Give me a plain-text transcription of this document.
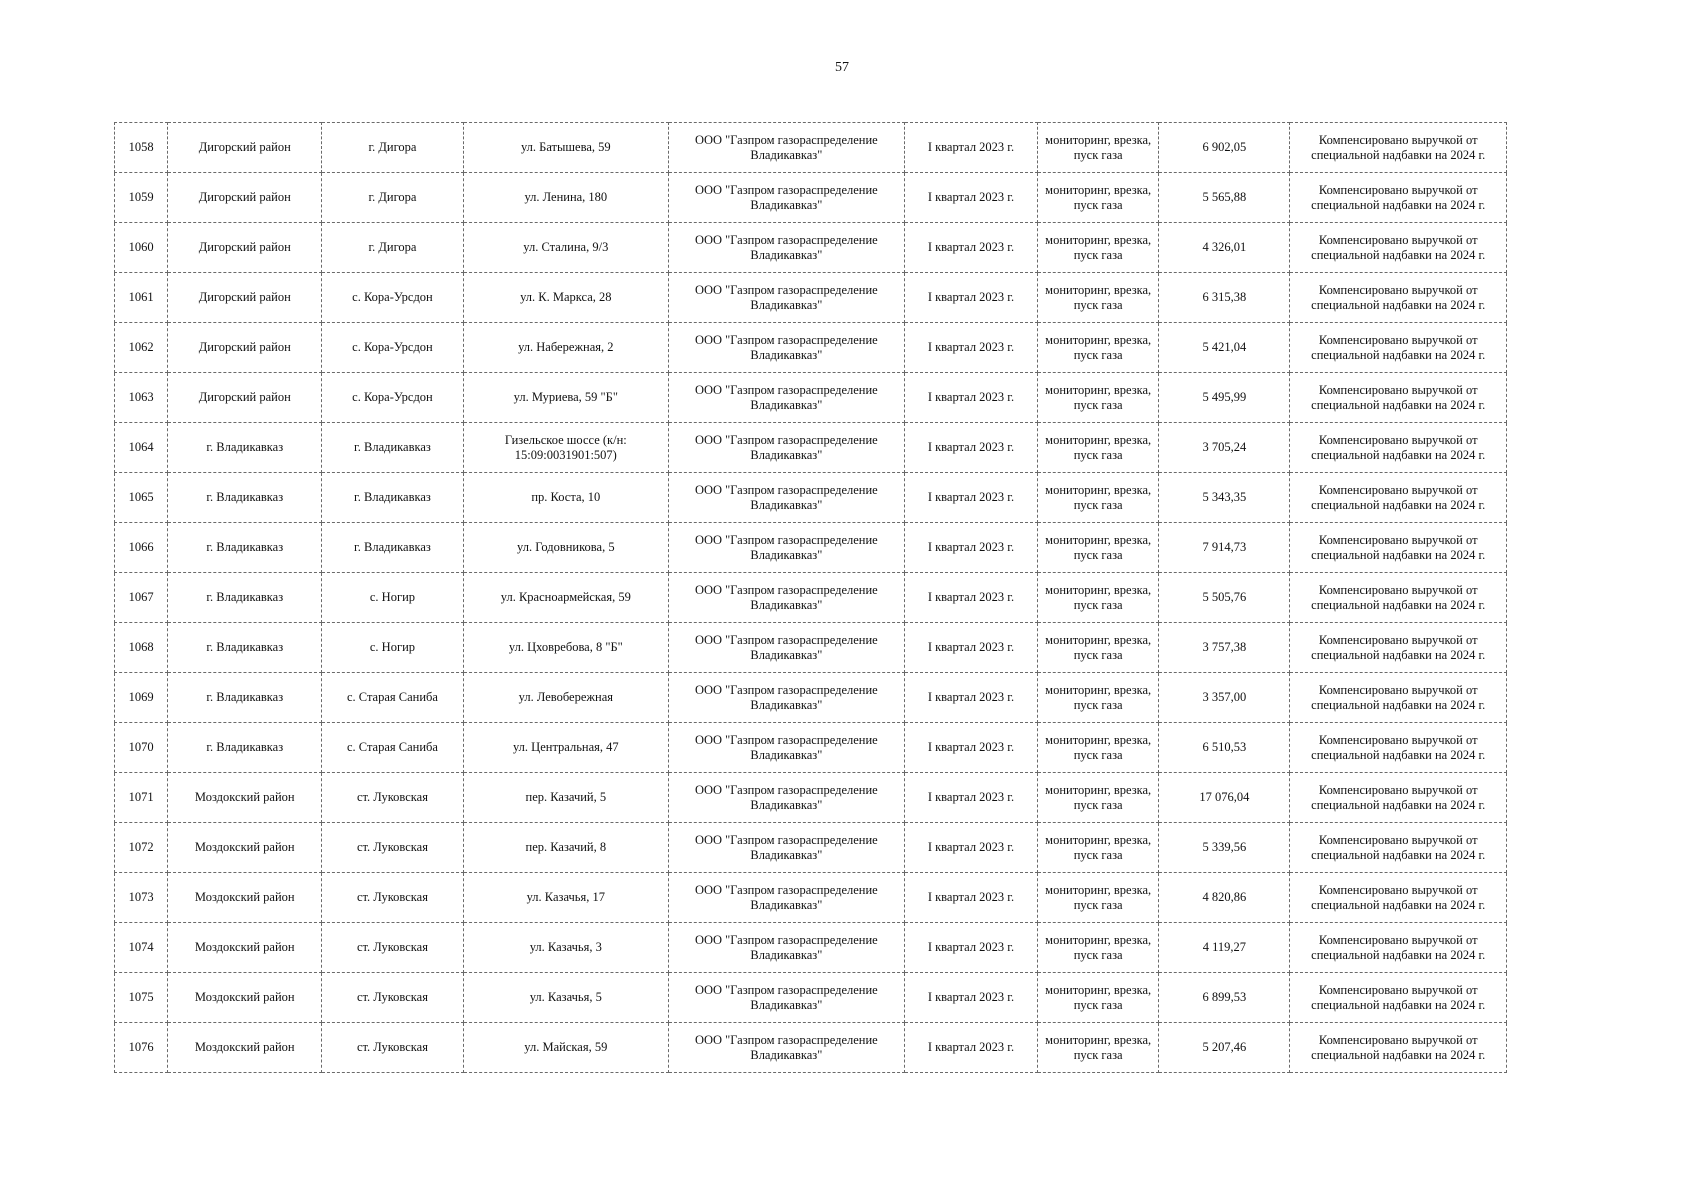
57
1058	Дигорский район	г. Дигора	ул. Батышева, 59	ООО "Газпром газораспределение Владикавказ"	I квартал 2023 г.	мониторинг, врезка, пуск газа	6 902,05	Компенсировано выручкой от специальной надбавки на 2024 г.
1059	Дигорский район	г. Дигора	ул. Ленина, 180	ООО "Газпром газораспределение Владикавказ"	I квартал 2023 г.	мониторинг, врезка, пуск газа	5 565,88	Компенсировано выручкой от специальной надбавки на 2024 г.
1060	Дигорский район	г. Дигора	ул. Сталина, 9/3	ООО "Газпром газораспределение Владикавказ"	I квартал 2023 г.	мониторинг, врезка, пуск газа	4 326,01	Компенсировано выручкой от специальной надбавки на 2024 г.
1061	Дигорский район	с. Кора-Урсдон	ул. К. Маркса, 28	ООО "Газпром газораспределение Владикавказ"	I квартал 2023 г.	мониторинг, врезка, пуск газа	6 315,38	Компенсировано выручкой от специальной надбавки на 2024 г.
1062	Дигорский район	с. Кора-Урсдон	ул. Набережная, 2	ООО "Газпром газораспределение Владикавказ"	I квартал 2023 г.	мониторинг, врезка, пуск газа	5 421,04	Компенсировано выручкой от специальной надбавки на 2024 г.
1063	Дигорский район	с. Кора-Урсдон	ул. Муриева, 59 "Б"	ООО "Газпром газораспределение Владикавказ"	I квартал 2023 г.	мониторинг, врезка, пуск газа	5 495,99	Компенсировано выручкой от специальной надбавки на 2024 г.
1064	г. Владикавказ	г. Владикавказ	Гизельское шоссе (к/н: 15:09:0031901:507)	ООО "Газпром газораспределение Владикавказ"	I квартал 2023 г.	мониторинг, врезка, пуск газа	3 705,24	Компенсировано выручкой от специальной надбавки на 2024 г.
1065	г. Владикавказ	г. Владикавказ	пр. Коста, 10	ООО "Газпром газораспределение Владикавказ"	I квартал 2023 г.	мониторинг, врезка, пуск газа	5 343,35	Компенсировано выручкой от специальной надбавки на 2024 г.
1066	г. Владикавказ	г. Владикавказ	ул. Годовникова, 5	ООО "Газпром газораспределение Владикавказ"	I квартал 2023 г.	мониторинг, врезка, пуск газа	7 914,73	Компенсировано выручкой от специальной надбавки на 2024 г.
1067	г. Владикавказ	с. Ногир	ул. Красноармейская, 59	ООО "Газпром газораспределение Владикавказ"	I квартал 2023 г.	мониторинг, врезка, пуск газа	5 505,76	Компенсировано выручкой от специальной надбавки на 2024 г.
1068	г. Владикавказ	с. Ногир	ул. Цховребова, 8 "Б"	ООО "Газпром газораспределение Владикавказ"	I квартал 2023 г.	мониторинг, врезка, пуск газа	3 757,38	Компенсировано выручкой от специальной надбавки на 2024 г.
1069	г. Владикавказ	с. Старая Саниба	ул. Левобережная	ООО "Газпром газораспределение Владикавказ"	I квартал 2023 г.	мониторинг, врезка, пуск газа	3 357,00	Компенсировано выручкой от специальной надбавки на 2024 г.
1070	г. Владикавказ	с. Старая Саниба	ул. Центральная, 47	ООО "Газпром газораспределение Владикавказ"	I квартал 2023 г.	мониторинг, врезка, пуск газа	6 510,53	Компенсировано выручкой от специальной надбавки на 2024 г.
1071	Моздокский район	ст. Луковская	пер. Казачий, 5	ООО "Газпром газораспределение Владикавказ"	I квартал 2023 г.	мониторинг, врезка, пуск газа	17 076,04	Компенсировано выручкой от специальной надбавки на 2024 г.
1072	Моздокский район	ст. Луковская	пер. Казачий, 8	ООО "Газпром газораспределение Владикавказ"	I квартал 2023 г.	мониторинг, врезка, пуск газа	5 339,56	Компенсировано выручкой от специальной надбавки на 2024 г.
1073	Моздокский район	ст. Луковская	ул. Казачья, 17	ООО "Газпром газораспределение Владикавказ"	I квартал 2023 г.	мониторинг, врезка, пуск газа	4 820,86	Компенсировано выручкой от специальной надбавки на 2024 г.
1074	Моздокский район	ст. Луковская	ул. Казачья, 3	ООО "Газпром газораспределение Владикавказ"	I квартал 2023 г.	мониторинг, врезка, пуск газа	4 119,27	Компенсировано выручкой от специальной надбавки на 2024 г.
1075	Моздокский район	ст. Луковская	ул. Казачья, 5	ООО "Газпром газораспределение Владикавказ"	I квартал 2023 г.	мониторинг, врезка, пуск газа	6 899,53	Компенсировано выручкой от специальной надбавки на 2024 г.
1076	Моздокский район	ст. Луковская	ул. Майская, 59	ООО "Газпром газораспределение Владикавказ"	I квартал 2023 г.	мониторинг, врезка, пуск газа	5 207,46	Компенсировано выручкой от специальной надбавки на 2024 г.
